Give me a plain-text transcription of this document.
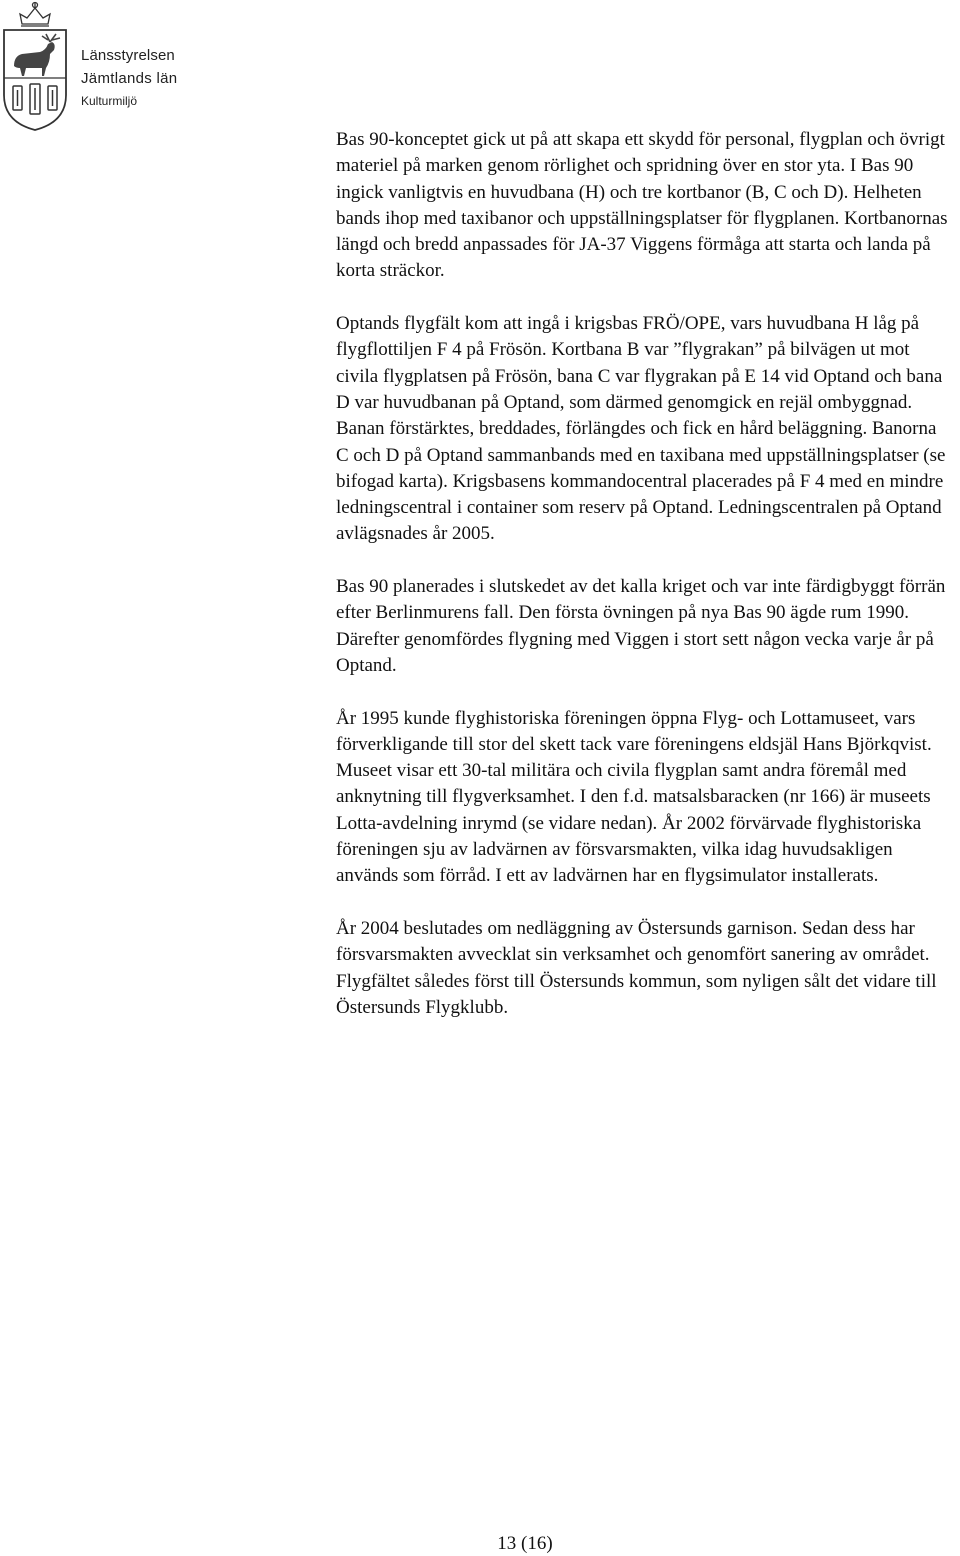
Länsstyrelsen
Jämtlands län
Kulturmiljö

Bas 90-konceptet gick ut på att skapa ett skydd för personal, flygplan och övrigt materiel på marken genom rörlighet och spridning över en stor yta. I Bas 90 ingick vanligtvis en huvudbana (H) och tre kortbanor (B, C och D). Helheten bands ihop med taxibanor och uppställningsplatser för flygplanen. Kortbanornas längd och bredd anpassades för JA-37 Viggens förmåga att starta och landa på korta sträckor.

Optands flygfält kom att ingå i krigsbas FRÖ/OPE, vars huvudbana H låg på flygflottiljen F 4 på Frösön. Kortbana B var ”flygrakan” på bilvägen ut mot civila flygplatsen på Frösön, bana C var flygrakan på E 14 vid Optand och bana D var huvudbanan på Optand, som därmed genomgick en rejäl ombyggnad. Banan förstärktes, breddades, förlängdes och fick en hård beläggning. Banorna C och D på Optand sammanbands med en taxibana med uppställningsplatser (se bifogad karta). Krigsbasens kommandocentral placerades på F 4 med en mindre ledningscentral i container som reserv på Optand. Ledningscentralen på Optand avlägsnades år 2005.

Bas 90 planerades i slutskedet av det kalla kriget och var inte färdigbyggt förrän efter Berlinmurens fall. Den första övningen på nya Bas 90 ägde rum 1990. Därefter genomfördes flygning med Viggen i stort sett någon vecka varje år på Optand.

År 1995 kunde flyghistoriska föreningen öppna Flyg- och Lottamuseet, vars förverkligande till stor del skett tack vare föreningens eldsjäl Hans Björkqvist. Museet visar ett 30-tal militära och civila flygplan samt andra föremål med anknytning till flygverksamhet. I den f.d. matsalsbaracken (nr 166) är museets Lotta-avdelning inrymd (se vidare nedan). År 2002 förvärvade flyghistoriska föreningen sju av ladvärnen av försvarsmakten, vilka idag huvudsakligen används som förråd. I ett av ladvärnen har en flygsimulator installerats.

År 2004 beslutades om nedläggning av Östersunds garnison. Sedan dess har försvarsmakten avvecklat sin verksamhet och genomfört sanering av området. Flygfältet således först till Östersunds kommun, som nyligen sålt det vidare till Östersunds Flygklubb.

13 (16)
